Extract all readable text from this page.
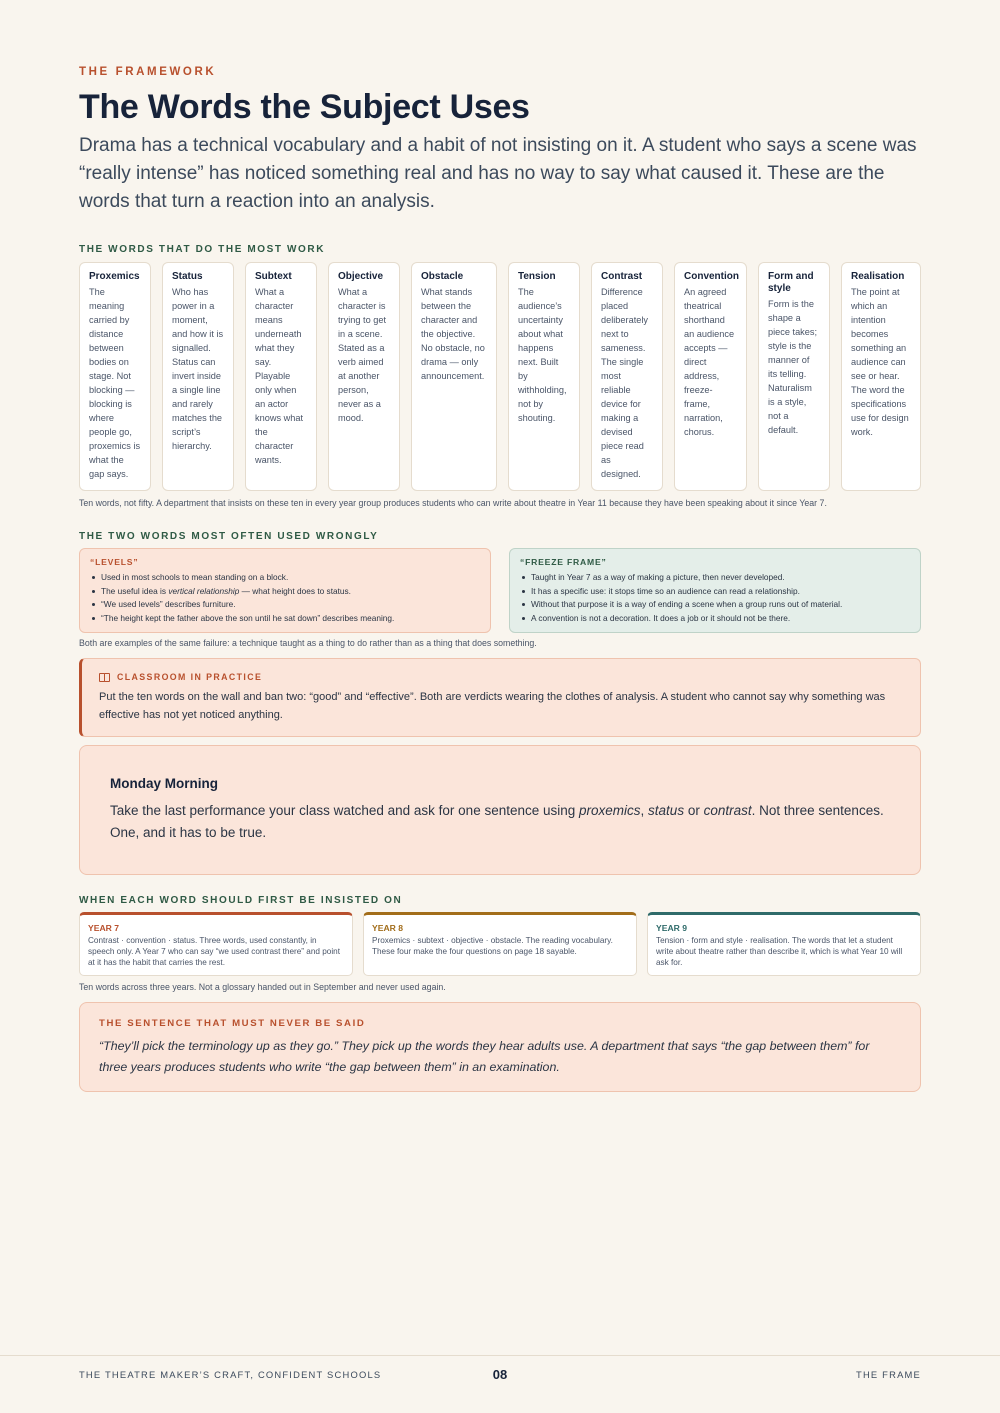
THE FRAMEWORK
The Words the Subject Uses

Drama has a technical vocabulary and a habit of not insisting on it. A student who says a scene was “really intense” has noticed something real and has no way to say what caused it. These are the words that turn a reaction into an analysis.

THE WORDS THAT DO THE MOST WORK
Proxemics
The meaning carried by distance between bodies on stage. Not blocking — blocking is where people go, proxemics is what the gap says.
Status
Who has power in a moment, and how it is signalled. Status can invert inside a single line and rarely matches the script’s hierarchy.
Subtext
What a character means underneath what they say. Playable only when an actor knows what the character wants.
Objective
What a character is trying to get in a scene. Stated as a verb aimed at another person, never as a mood.
Obstacle
What stands between the character and the objective. No obstacle, no drama — only announcement.
Tension
The audience’s uncertainty about what happens next. Built by withholding, not by shouting.
Contrast
Difference placed deliberately next to sameness. The single most reliable device for making a devised piece read as designed.
Convention
An agreed theatrical shorthand an audience accepts — direct address, freeze-frame, narration, chorus.
Form and style
Form is the shape a piece takes; style is the manner of its telling. Naturalism is a style, not a default.
Realisation
The point at which an intention becomes something an audience can see or hear. The word the specifications use for design work.
Ten words, not fifty. A department that insists on these ten in every year group produces students who can write about theatre in Year 11 because they have been speaking about it since Year 7.
THE TWO WORDS MOST OFTEN USED WRONGLY
“LEVELS”
Used in most schools to mean standing on a block.
The useful idea is vertical relationship — what height does to status.
“We used levels” describes furniture.
“The height kept the father above the son until he sat down” describes meaning.
“FREEZE FRAME”
Taught in Year 7 as a way of making a picture, then never developed.
It has a specific use: it stops time so an audience can read a relationship.
Without that purpose it is a way of ending a scene when a group runs out of material.
A convention is not a decoration. It does a job or it should not be there.
Both are examples of the same failure: a technique taught as a thing to do rather than as a thing that does something.
CLASSROOM IN PRACTICE
Put the ten words on the wall and ban two: “good” and “effective”. Both are verdicts wearing the clothes of analysis. A student who cannot say why something was effective has not yet noticed anything.
Monday Morning
Take the last performance your class watched and ask for one sentence using proxemics, status or contrast. Not three sentences. One, and it has to be true.
WHEN EACH WORD SHOULD FIRST BE INSISTED ON
YEAR 7
Contrast · convention · status. Three words, used constantly, in speech only. A Year 7 who can say “we used contrast there” and point at it has the habit that carries the rest.
YEAR 8
Proxemics · subtext · objective · obstacle. The reading vocabulary. These four make the four questions on page 18 sayable.
YEAR 9
Tension · form and style · realisation. The words that let a student write about theatre rather than describe it, which is what Year 10 will ask for.
Ten words across three years. Not a glossary handed out in September and never used again.
THE SENTENCE THAT MUST NEVER BE SAID
“They’ll pick the terminology up as they go.” They pick up the words they hear adults use. A department that says “the gap between them” for three years produces students who write “the gap between them” in an examination.
THE THEATRE MAKER’S CRAFT, CONFIDENT SCHOOLS	08	THE FRAME
